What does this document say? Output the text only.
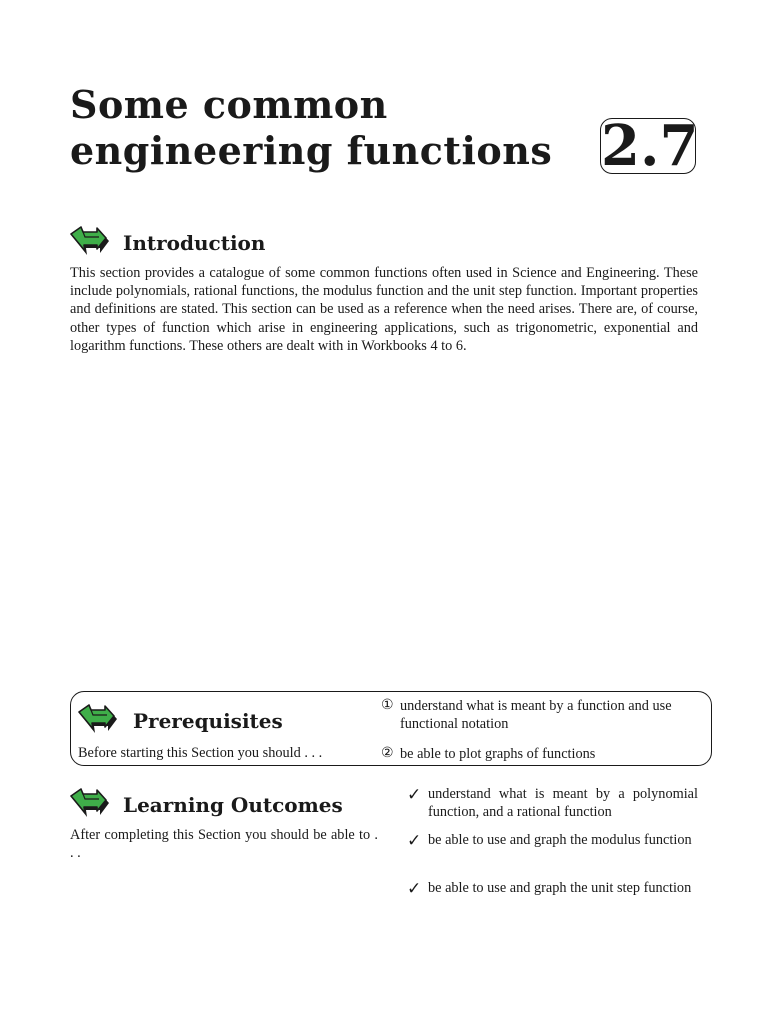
Some common
engineering functions 2.7
Introduction
This section provides a catalogue of some common functions often used in Science and Engineering. These include polynomials, rational functions, the modulus function and the unit step function. Important properties and definitions are stated. This section can be used as a reference when the need arises. There are, of course, other types of function which arise in engineering applications, such as trigonometric, exponential and logarithm functions. These others are dealt with in Workbooks 4 to 6.
Prerequisites
Before starting this Section you should . . .
① understand what is meant by a function and use functional notation
② be able to plot graphs of functions
Learning Outcomes
After completing this Section you should be able to . . .
✓ understand what is meant by a polynomial function, and a rational function
✓ be able to use and graph the modulus function
✓ be able to use and graph the unit step function
